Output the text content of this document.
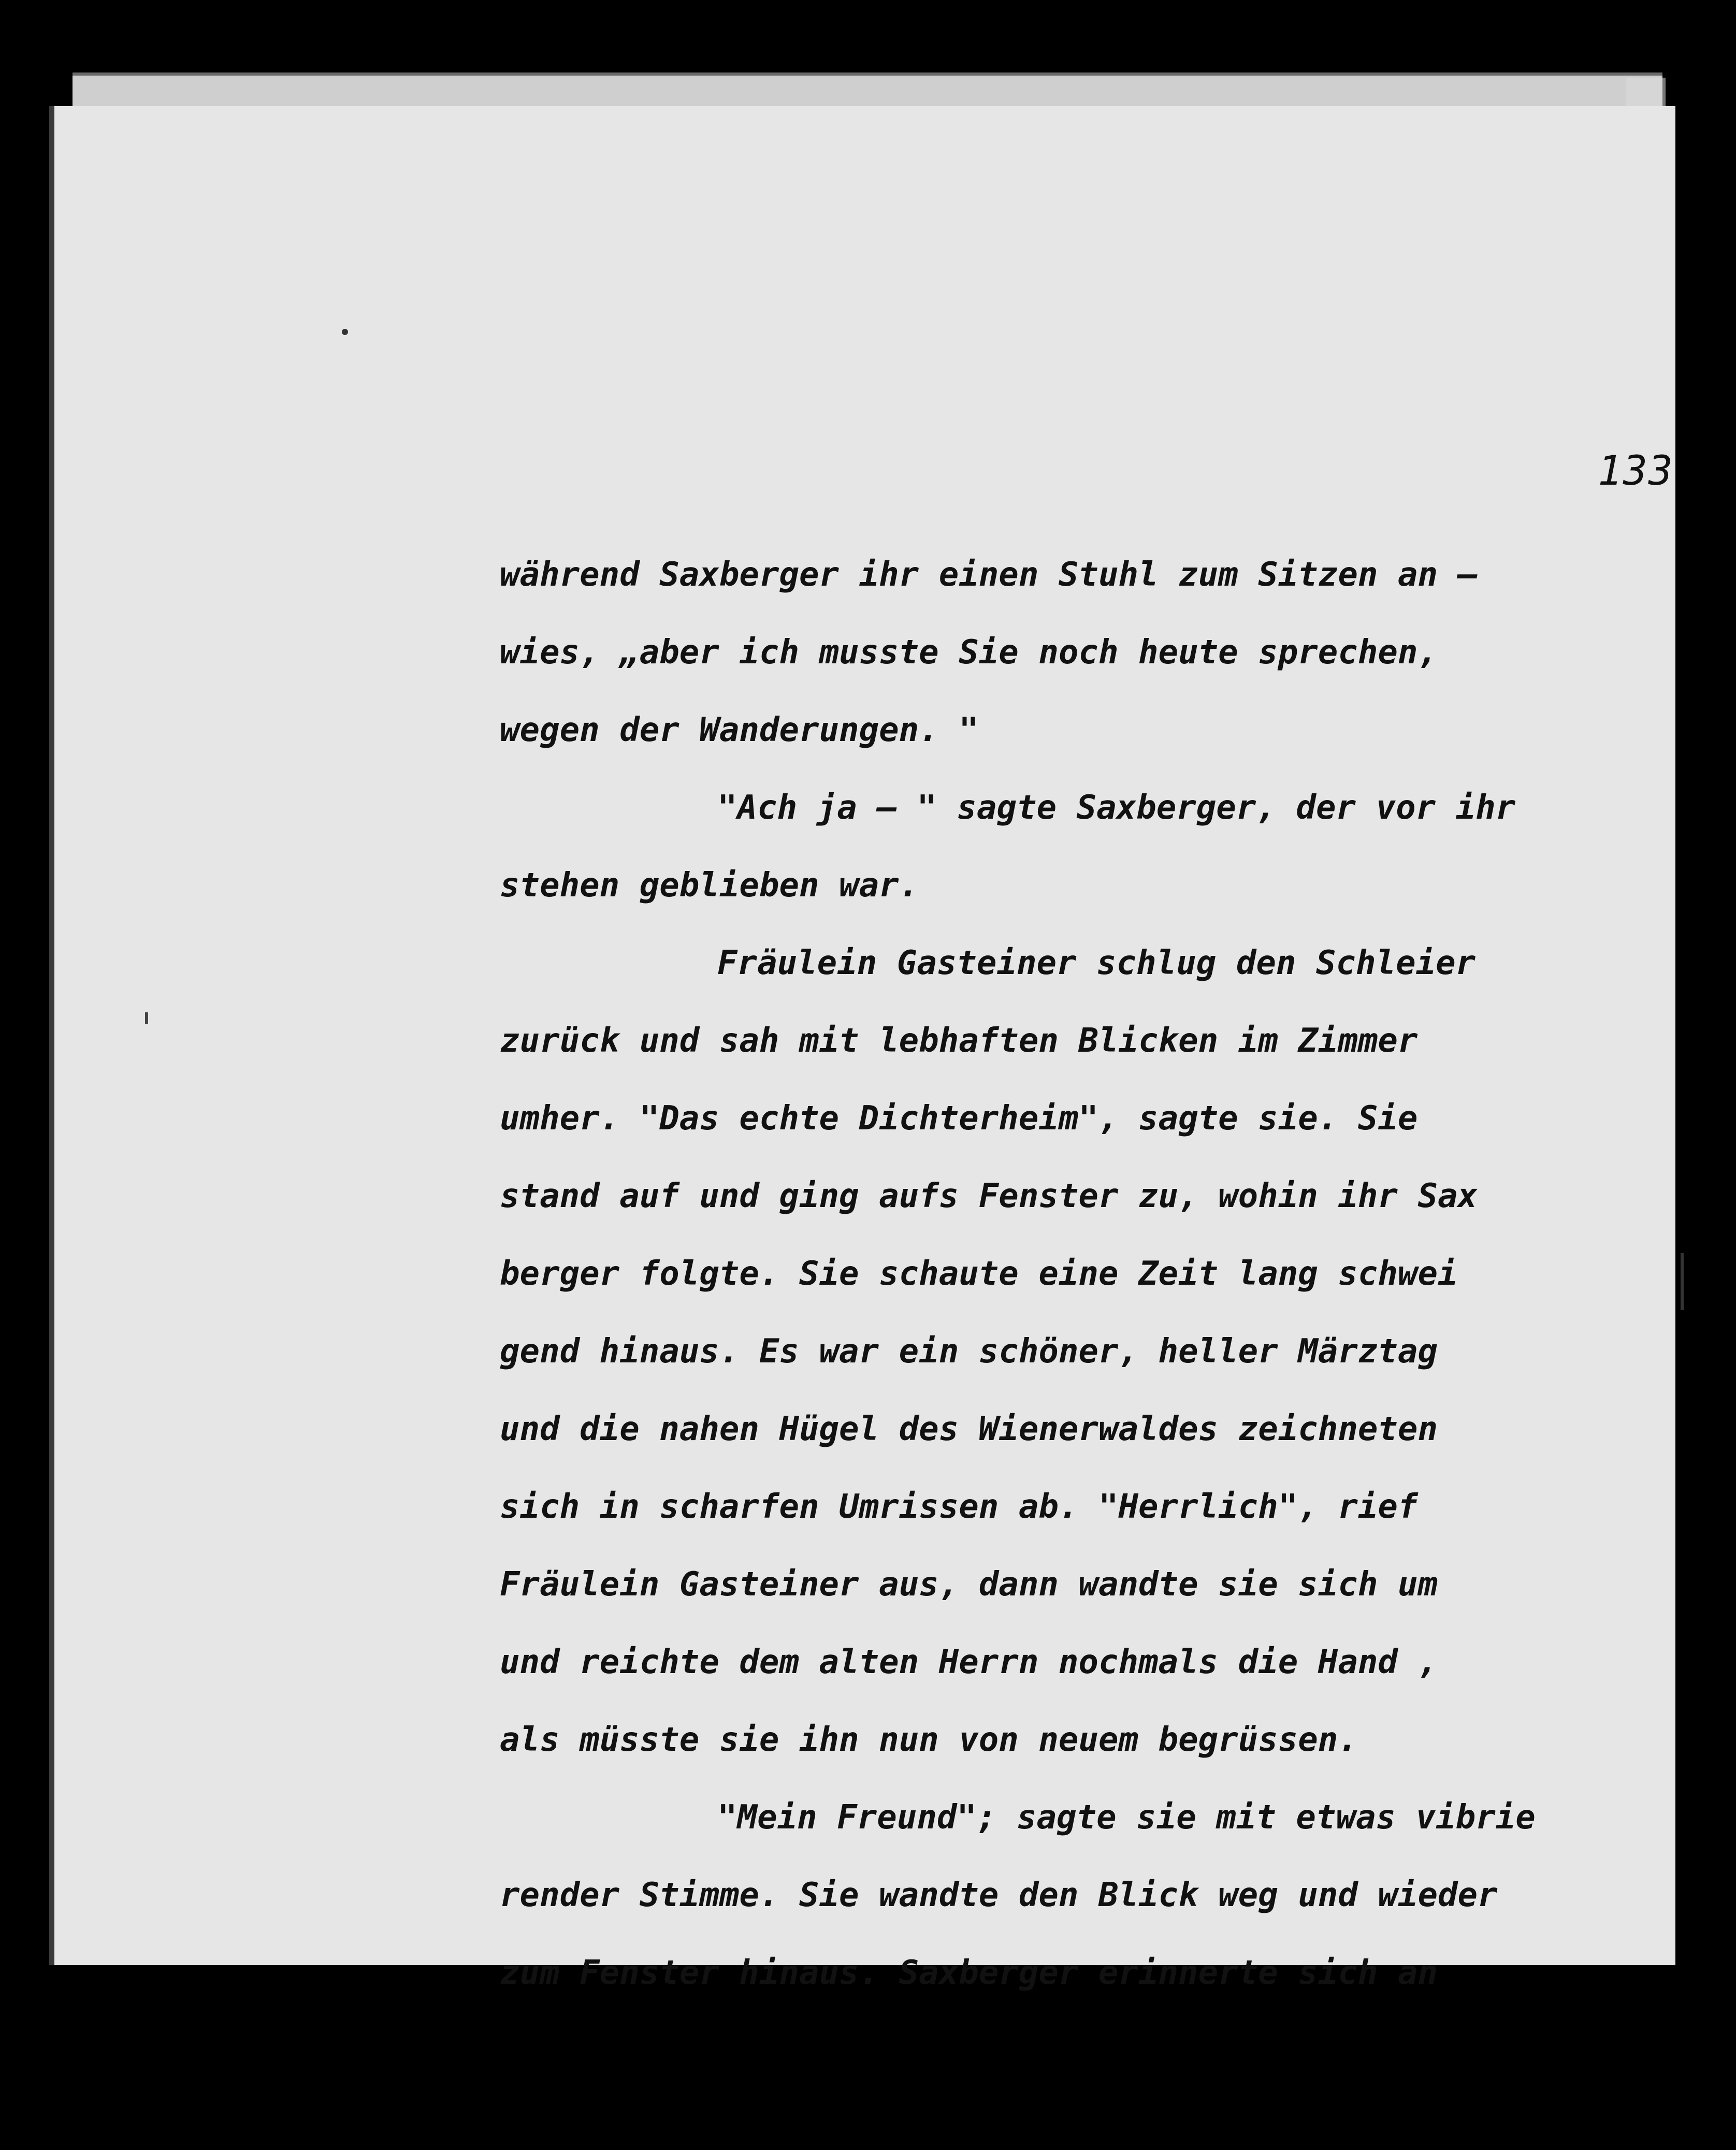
133
während Saxberger ihr einen Stuhl zum Sitzen an –
wies, „aber ich musste Sie noch heute sprechen,
wegen der Wanderungen. "
"Ach ja – " sagte Saxberger, der vor ihr
stehen geblieben war.
Fräulein Gasteiner schlug den Schleier
zurück und sah mit lebhaften Blicken im Zimmer
umher. "Das echte Dichterheim", sagte sie. Sie
stand auf und ging aufs Fenster zu, wohin ihr Sax
berger folgte. Sie schaute eine Zeit lang schwei
gend hinaus. Es war ein schöner, heller Märztag
und die nahen Hügel des Wienerwaldes zeichneten
sich in scharfen Umrissen ab. "Herrlich", rief
Fräulein Gasteiner aus, dann wandte sie sich um
und reichte dem alten Herrn nochmals die Hand ,
als müsste sie ihn nun von neuem begrüssen.
"Mein Freund"; sagte sie mit etwas vibrie
render Stimme. Sie wandte den Blick weg und wieder
zum Fenster hinaus. Saxberger erinnerte sich an
